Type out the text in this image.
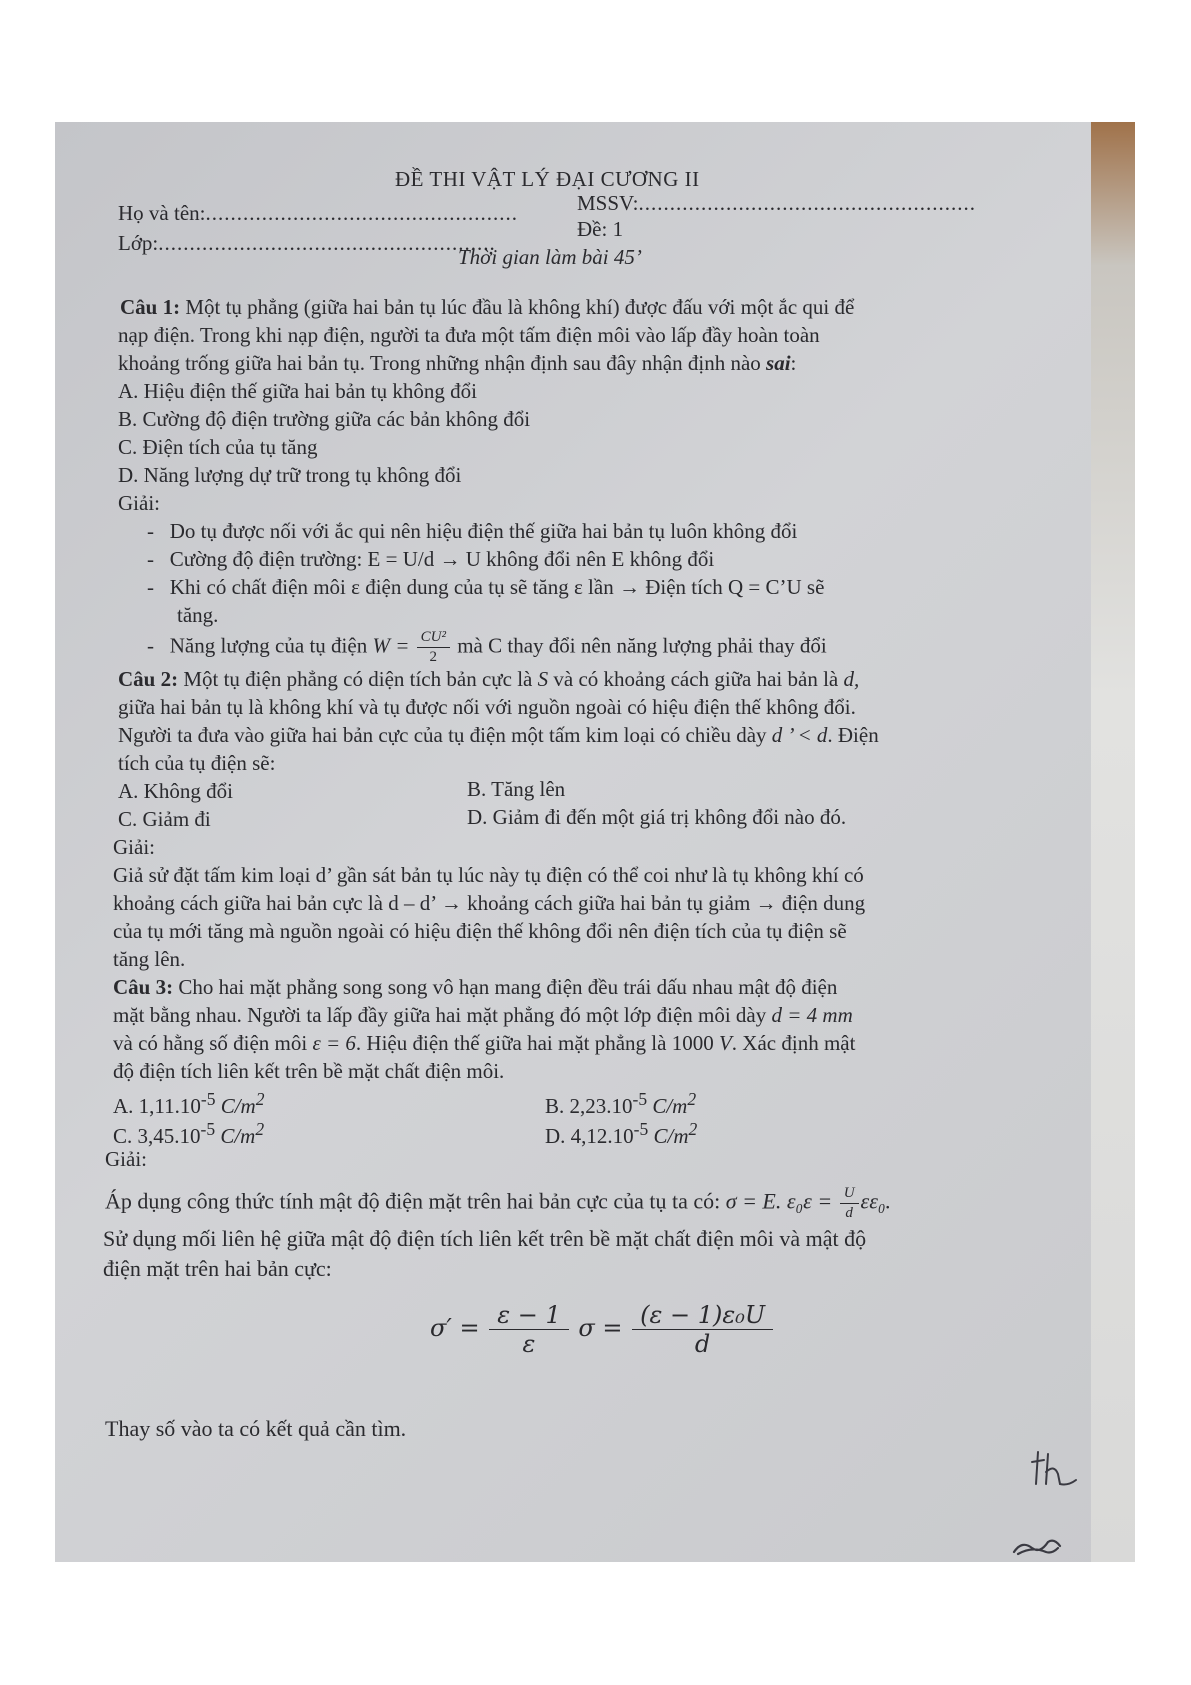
ĐỀ THI VẬT LÝ ĐẠI CƯƠNG II
Họ và tên:..................................................	MSSV:......................................................
Lớp:......................................................
Đề: 1
Thời gian làm bài 45’
Câu 1: Một tụ phẳng (giữa hai bản tụ lúc đầu là không khí) được đấu với một ắc qui để
nạp điện. Trong khi nạp điện, người ta đưa một tấm điện môi vào lấp đầy hoàn toàn
khoảng trống giữa hai bản tụ. Trong những nhận định sau đây nhận định nào sai:
A. Hiệu điện thế giữa hai bản tụ không đổi
B. Cường độ điện trường giữa các bản không đổi
C. Điện tích của tụ tăng
D. Năng lượng dự trữ trong tụ không đổi
Giải:
- Do tụ được nối với ắc qui nên hiệu điện thế giữa hai bản tụ luôn không đổi
- Cường độ điện trường: E = U/d → U không đổi nên E không đổi
- Khi có chất điện môi ε điện dung của tụ sẽ tăng ε lần → Điện tích Q = C’U sẽ
tăng.
- Năng lượng của tụ điện $W = \frac{\text{CU²}}{2}$ mà C thay đổi nên năng lượng phải thay đổi
Câu 2: Một tụ điện phẳng có diện tích bản cực là S và có khoảng cách giữa hai bản là d,
giữa hai bản tụ là không khí và tụ được nối với nguồn ngoài có hiệu điện thế không đổi.
Người ta đưa vào giữa hai bản cực của tụ điện một tấm kim loại có chiều dày d ’ < d. Điện
tích của tụ điện sẽ:
A. Không đổi	B. Tăng lên
C. Giảm đi	D. Giảm đi đến một giá trị không đổi nào đó.
Giải:
Giả sử đặt tấm kim loại d’ gần sát bản tụ lúc này tụ điện có thể coi như là tụ không khí có
khoảng cách giữa hai bản cực là d – d’ → khoảng cách giữa hai bản tụ giảm → điện dung
của tụ mới tăng mà nguồn ngoài có hiệu điện thế không đổi nên điện tích của tụ điện sẽ
tăng lên.
Câu 3: Cho hai mặt phẳng song song vô hạn mang điện đều trái dấu nhau mật độ điện
mặt bằng nhau. Người ta lấp đầy giữa hai mặt phẳng đó một lớp điện môi dày d = 4 mm
và có hằng số điện môi ε = 6. Hiệu điện thế giữa hai mặt phẳng là 1000 V. Xác định mật
độ điện tích liên kết trên bề mặt chất điện môi.
A. $1,11.10^{-5}$ $C/m^2$	B. $2,23.10^{-5}$ $C/m^2$
C. $3,45.10^{-5}$ $C/m^2$	D. $4,12.10^{-5}$ $C/m^2$
Giải:
Áp dụng công thức tính mật độ điện mặt trên hai bản cực của tụ ta có: σ = E. $\varepsilon_0\varepsilon = \frac{U}{d} \varepsilon\varepsilon_0$.
Sử dụng mối liên hệ giữa mật độ điện tích liên kết trên bề mặt chất điện môi và mật độ
điện mặt trên hai bản cực:
$\sigma' = \frac{\varepsilon - 1}{\varepsilon}$ $\sigma = \frac{\text{(ε − 1)ε₀U}}{d}$
Thay số vào ta có kết quả cần tìm.
